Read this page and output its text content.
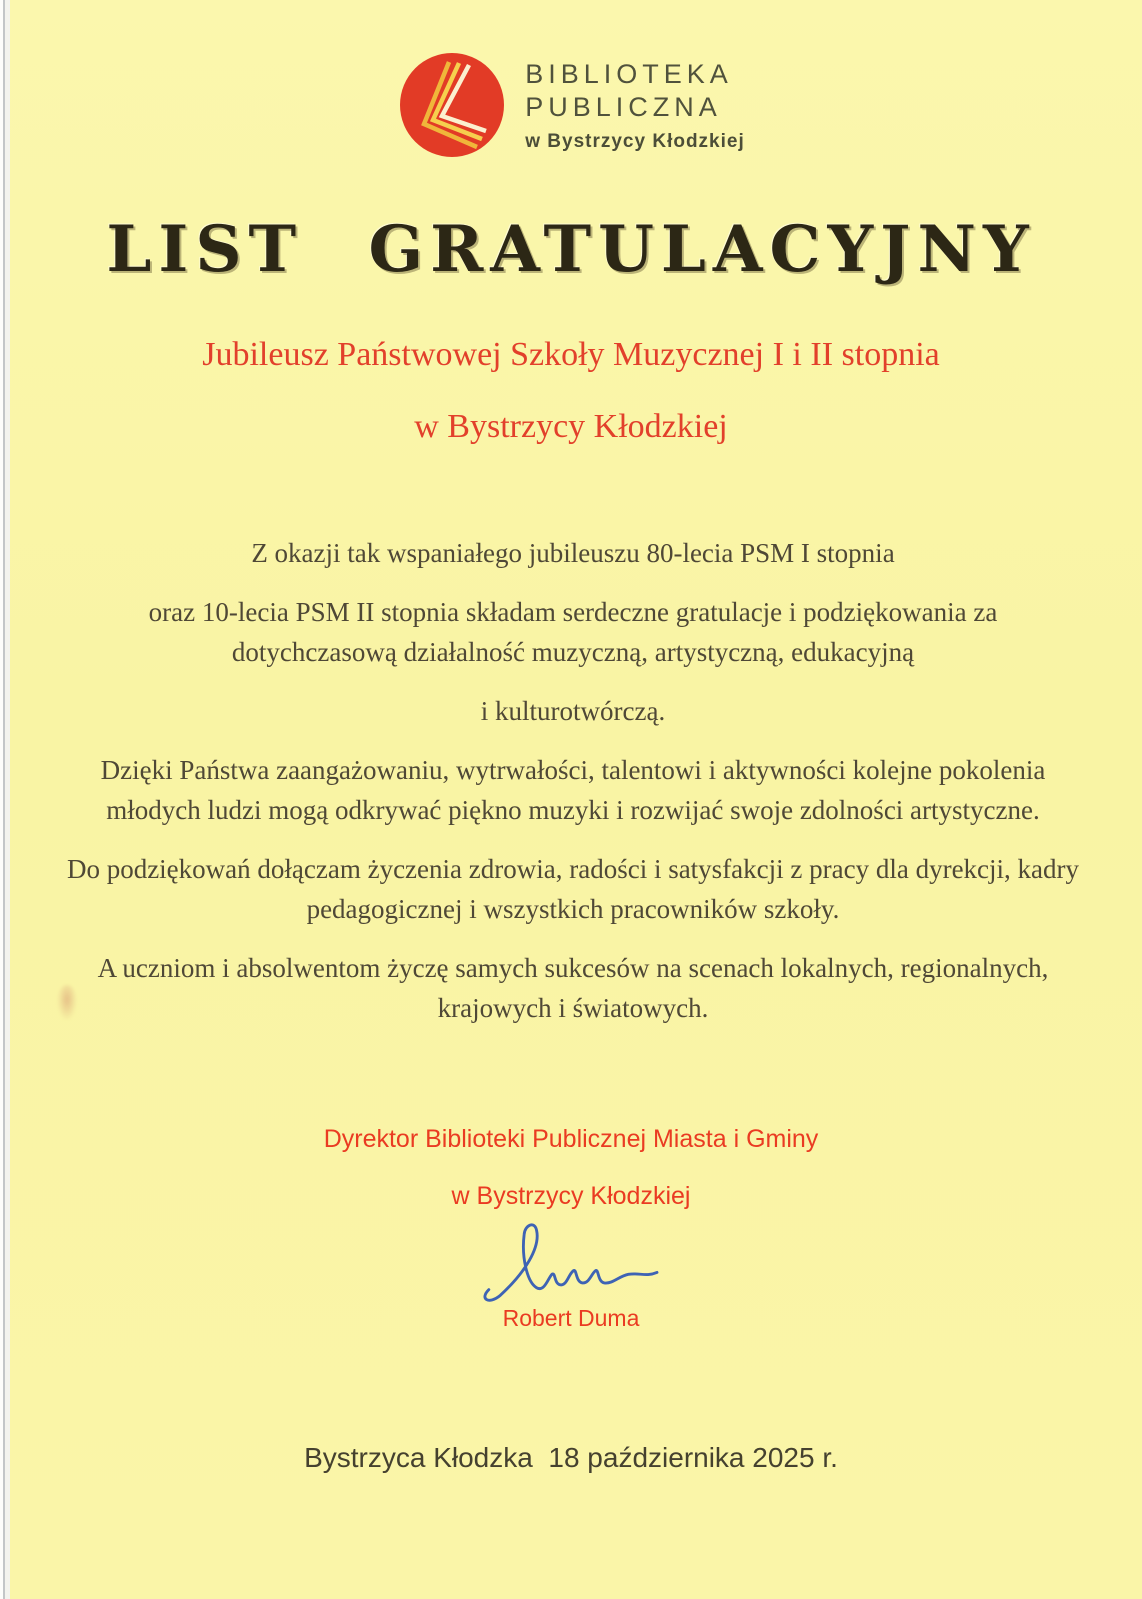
BIBLIOTEKA
PUBLICZNA
w Bystrzycy Kłodzkiej
LIST GRATULACYJNY
Jubileusz Państwowej Szkoły Muzycznej I i II stopnia
w Bystrzycy Kłodzkiej

Z okazji tak wspaniałego jubileuszu 80-lecia PSM I stopnia

oraz 10-lecia PSM II stopnia składam serdeczne gratulacje i podziękowania za dotychczasową działalność muzyczną, artystyczną, edukacyjną

i kulturotwórczą.

Dzięki Państwa zaangażowaniu, wytrwałości, talentowi i aktywności kolejne pokolenia młodych ludzi mogą odkrywać piękno muzyki i rozwijać swoje zdolności artystyczne.

Do podziękowań dołączam życzenia zdrowia, radości i satysfakcji z pracy dla dyrekcji, kadry pedagogicznej i wszystkich pracowników szkoły.

A uczniom i absolwentom życzę samych sukcesów na scenach lokalnych, regionalnych, krajowych i światowych.

Dyrektor Biblioteki Publicznej Miasta i Gminy
w Bystrzycy Kłodzkiej
Robert Duma
Bystrzyca Kłodzka  18 października 2025 r.
